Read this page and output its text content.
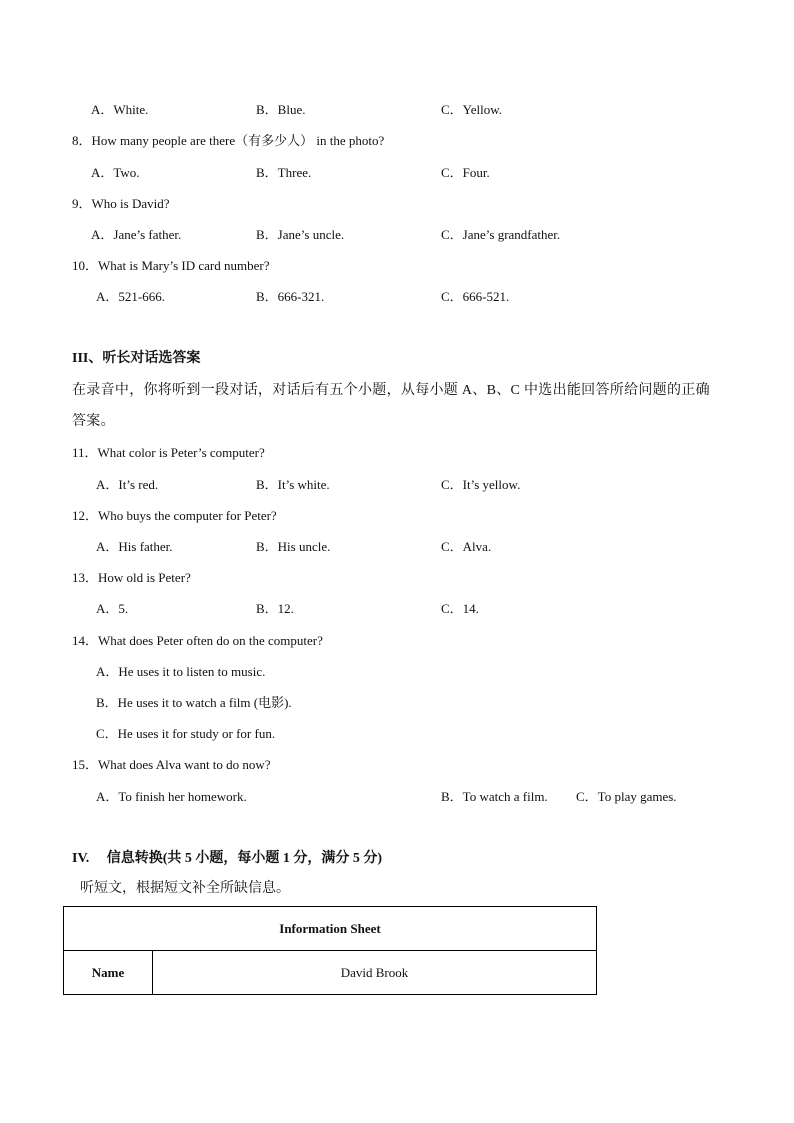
A．White.	B．Blue.	C．Yellow.
8．How many people are there（有多少人） in the photo?
A．Two.	B．Three.	C．Four.
9．Who is David?
A．Jane’s father.	B．Jane’s uncle.	C．Jane’s grandfather.
10．What is Mary’s ID card number?
A．521-666.	B．666-321.	C．666-521.
III、听长对话选答案
在录音中，你将听到一段对话，对话后有五个小题，从每小题 A、B、C 中选出能回答所给问题的正确答案。
11．What color is Peter’s computer?
A．It’s red.	B．It’s white.	C．It’s yellow.
12．Who buys the computer for Peter?
A．His father.	B．His uncle.	C．Alva.
13．How old is Peter?
A．5.	B．12.	C．14.
14．What does Peter often do on the computer?
A．He uses it to listen to music.
B．He uses it to watch a film (电影).
C．He uses it for study or for fun.
15．What does Alva want to do now?
A．To finish her homework.	B．To watch a film. C．To play games.
IV.　 信息转换(共 5 小题，每小题 1 分，满分 5 分)
听短文，根据短文补全所缺信息。
Information Sheet
Name	David Brook
